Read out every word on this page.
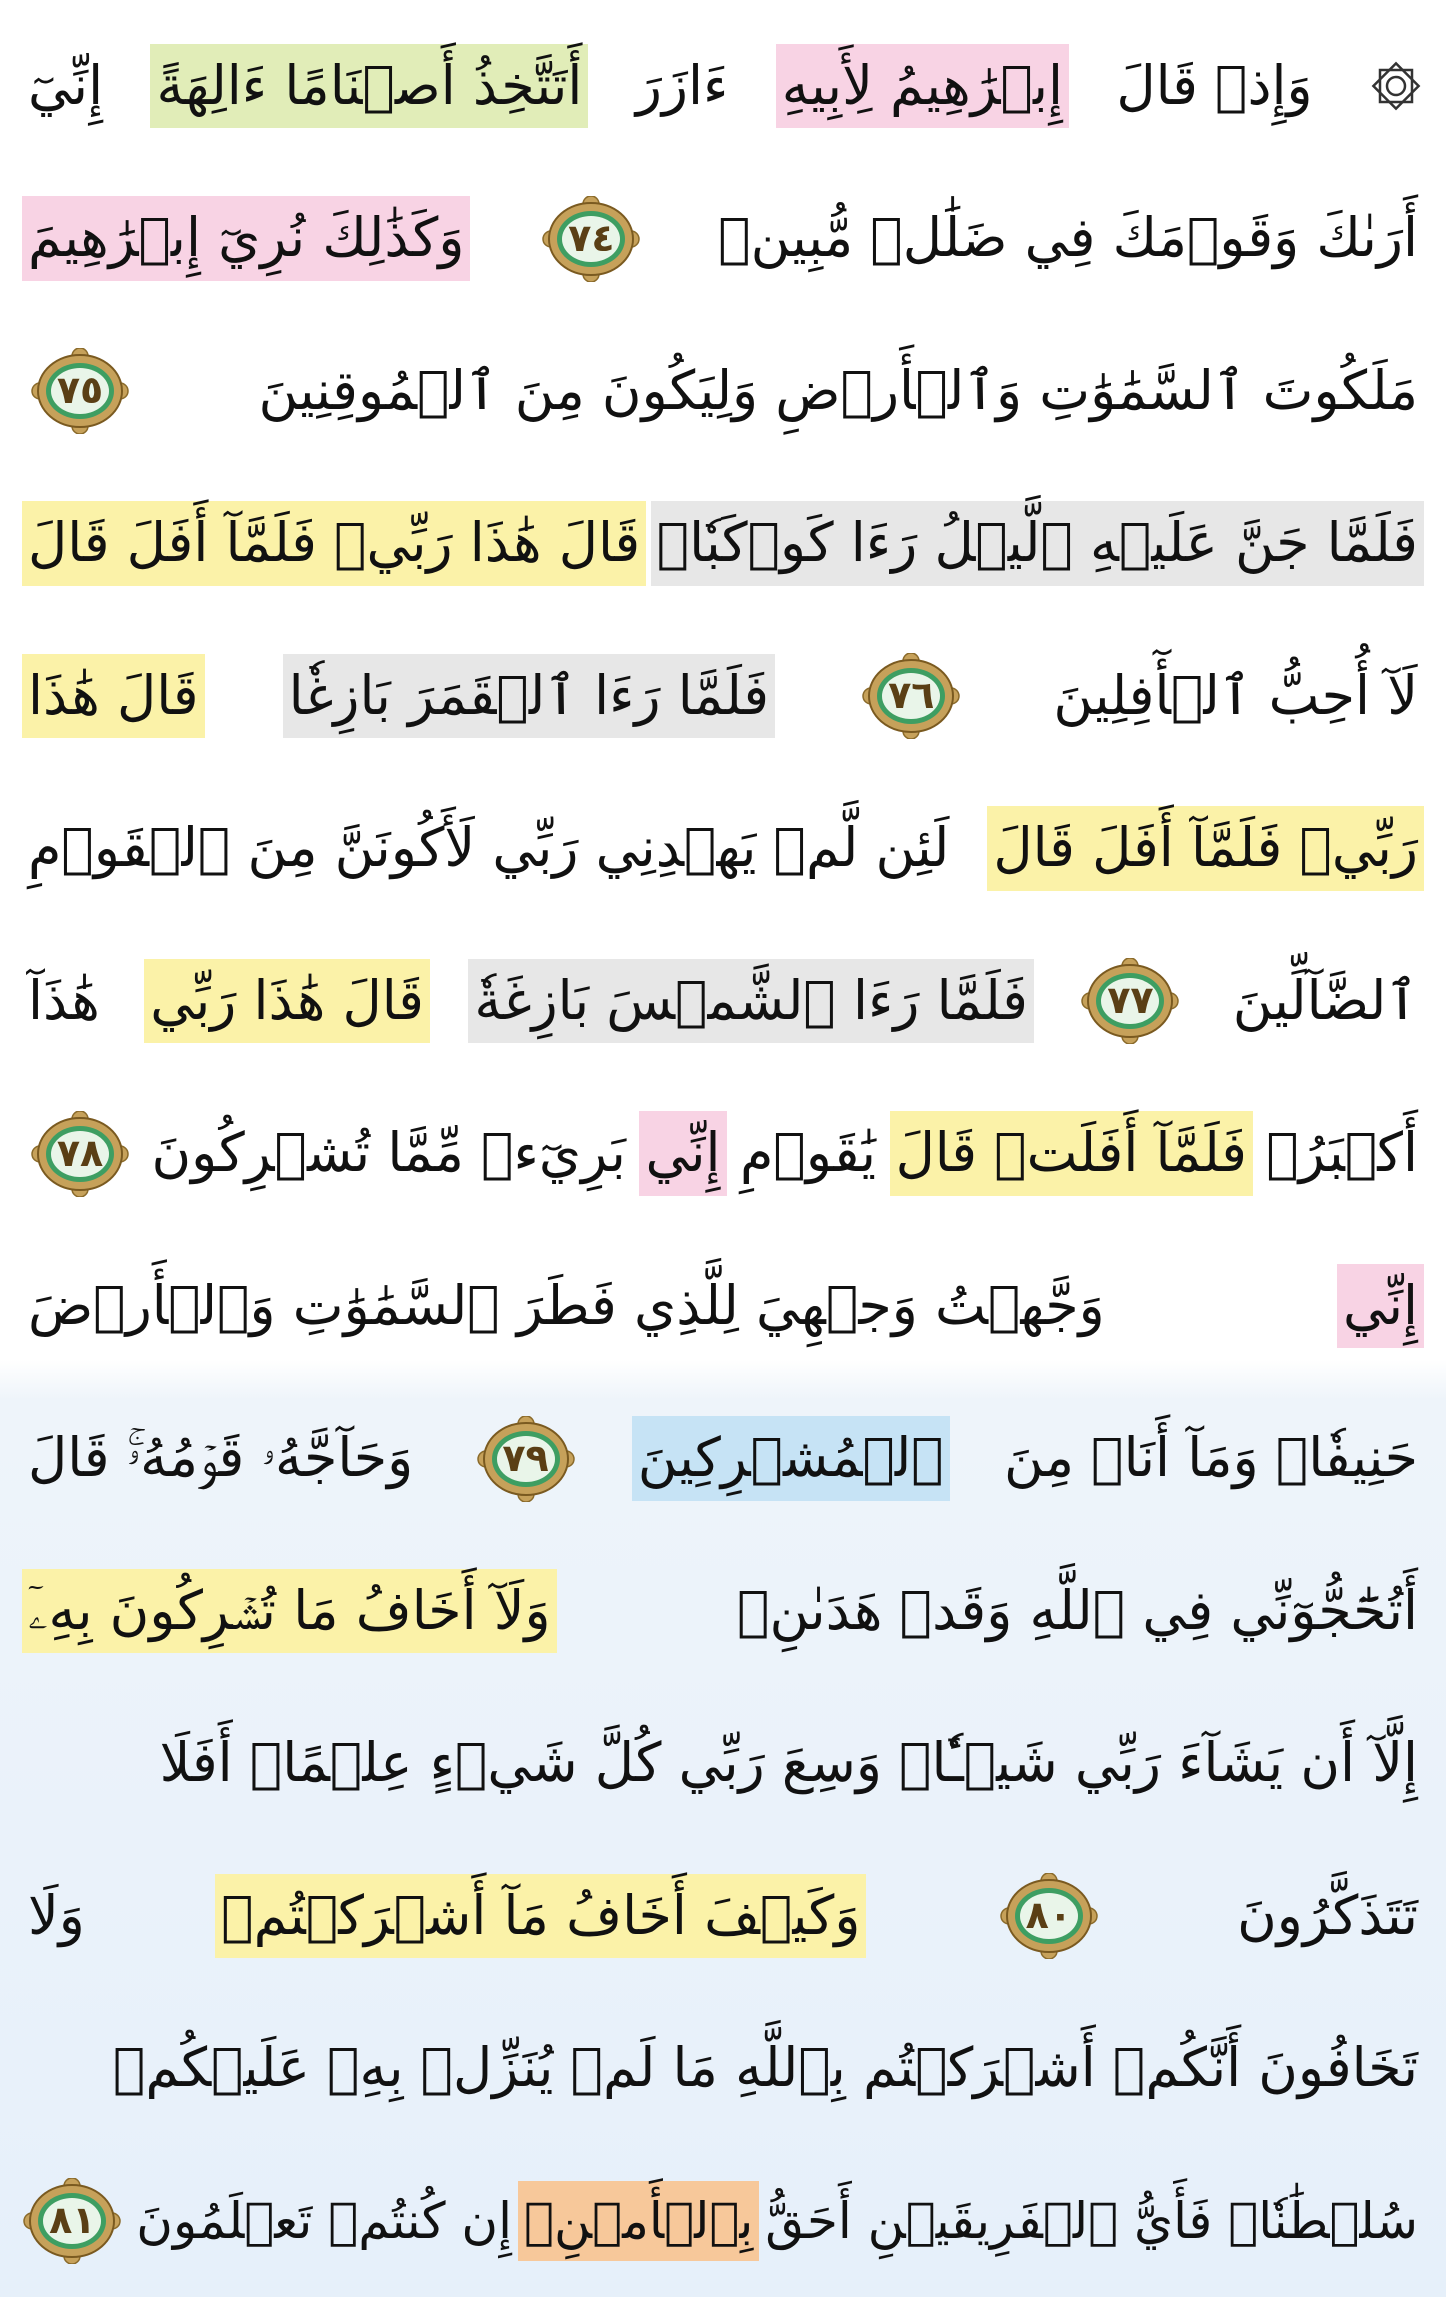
وَإِذۡ قَالَ
إِبۡرَٰهِيمُ لِأَبِيهِ
ءَازَرَ
أَتَتَّخِذُ أَصۡنَامًا ءَالِهَةً
إِنِّيٓ
أَرَىٰكَ وَقَوۡمَكَ فِي ضَلَٰلٖ مُّبِينٖ
٧٤
وَكَذَٰلِكَ نُرِيٓ إِبۡرَٰهِيمَ
مَلَكُوتَ ٱلسَّمَٰوَٰتِ وَٱلۡأَرۡضِ وَلِيَكُونَ مِنَ ٱلۡمُوقِنِينَ
٧٥
فَلَمَّا جَنَّ عَلَيۡهِ ٱلَّيۡلُ رَءَا كَوۡكَبٗاۖ
قَالَ هَٰذَا رَبِّيۖ فَلَمَّآ أَفَلَ قَالَ
لَآ أُحِبُّ ٱلۡأٓفِلِينَ
٧٦
فَلَمَّا رَءَا ٱلۡقَمَرَ بَازِغٗا
قَالَ هَٰذَا
رَبِّيۖ فَلَمَّآ أَفَلَ قَالَ
لَئِن لَّمۡ يَهۡدِنِي رَبِّي لَأَكُونَنَّ مِنَ ٱلۡقَوۡمِ
ٱلضَّآلِّينَ
٧٧
فَلَمَّا رَءَا ٱلشَّمۡسَ بَازِغَةٗ
قَالَ هَٰذَا رَبِّي
هَٰذَآ
أَكۡبَرُۖ
فَلَمَّآ أَفَلَتۡ قَالَ
يَٰقَوۡمِ
إِنِّي
بَرِيٓءٞ مِّمَّا تُشۡرِكُونَ
٧٨
إِنِّي
وَجَّهۡتُ وَجۡهِيَ لِلَّذِي فَطَرَ ٱلسَّمَٰوَٰتِ وَٱلۡأَرۡضَ
حَنِيفٗاۖ وَمَآ أَنَا۠ مِنَ
ٱلۡمُشۡرِكِينَ
٧٩
وَحَآجَّهُۥ قَوۡمُهُۥۚ قَالَ
أَتُحَٰٓجُّوٓنِّي فِي ٱللَّهِ وَقَدۡ هَدَىٰنِۚ
وَلَآ أَخَافُ مَا تُشۡرِكُونَ بِهِۦٓ
إِلَّآ أَن يَشَآءَ رَبِّي شَيۡـٔٗاۚ وَسِعَ رَبِّي كُلَّ شَيۡءٍ عِلۡمًاۚ أَفَلَا
تَتَذَكَّرُونَ
٨٠
وَكَيۡفَ أَخَافُ مَآ أَشۡرَكۡتُمۡ
وَلَا
تَخَافُونَ أَنَّكُمۡ أَشۡرَكۡتُم بِٱللَّهِ مَا لَمۡ يُنَزِّلۡ بِهِۦ عَلَيۡكُمۡ
سُلۡطَٰنٗاۚ فَأَيُّ ٱلۡفَرِيقَيۡنِ أَحَقُّ
بِٱلۡأَمۡنِۖ
إِن كُنتُمۡ تَعۡلَمُونَ
٨١
